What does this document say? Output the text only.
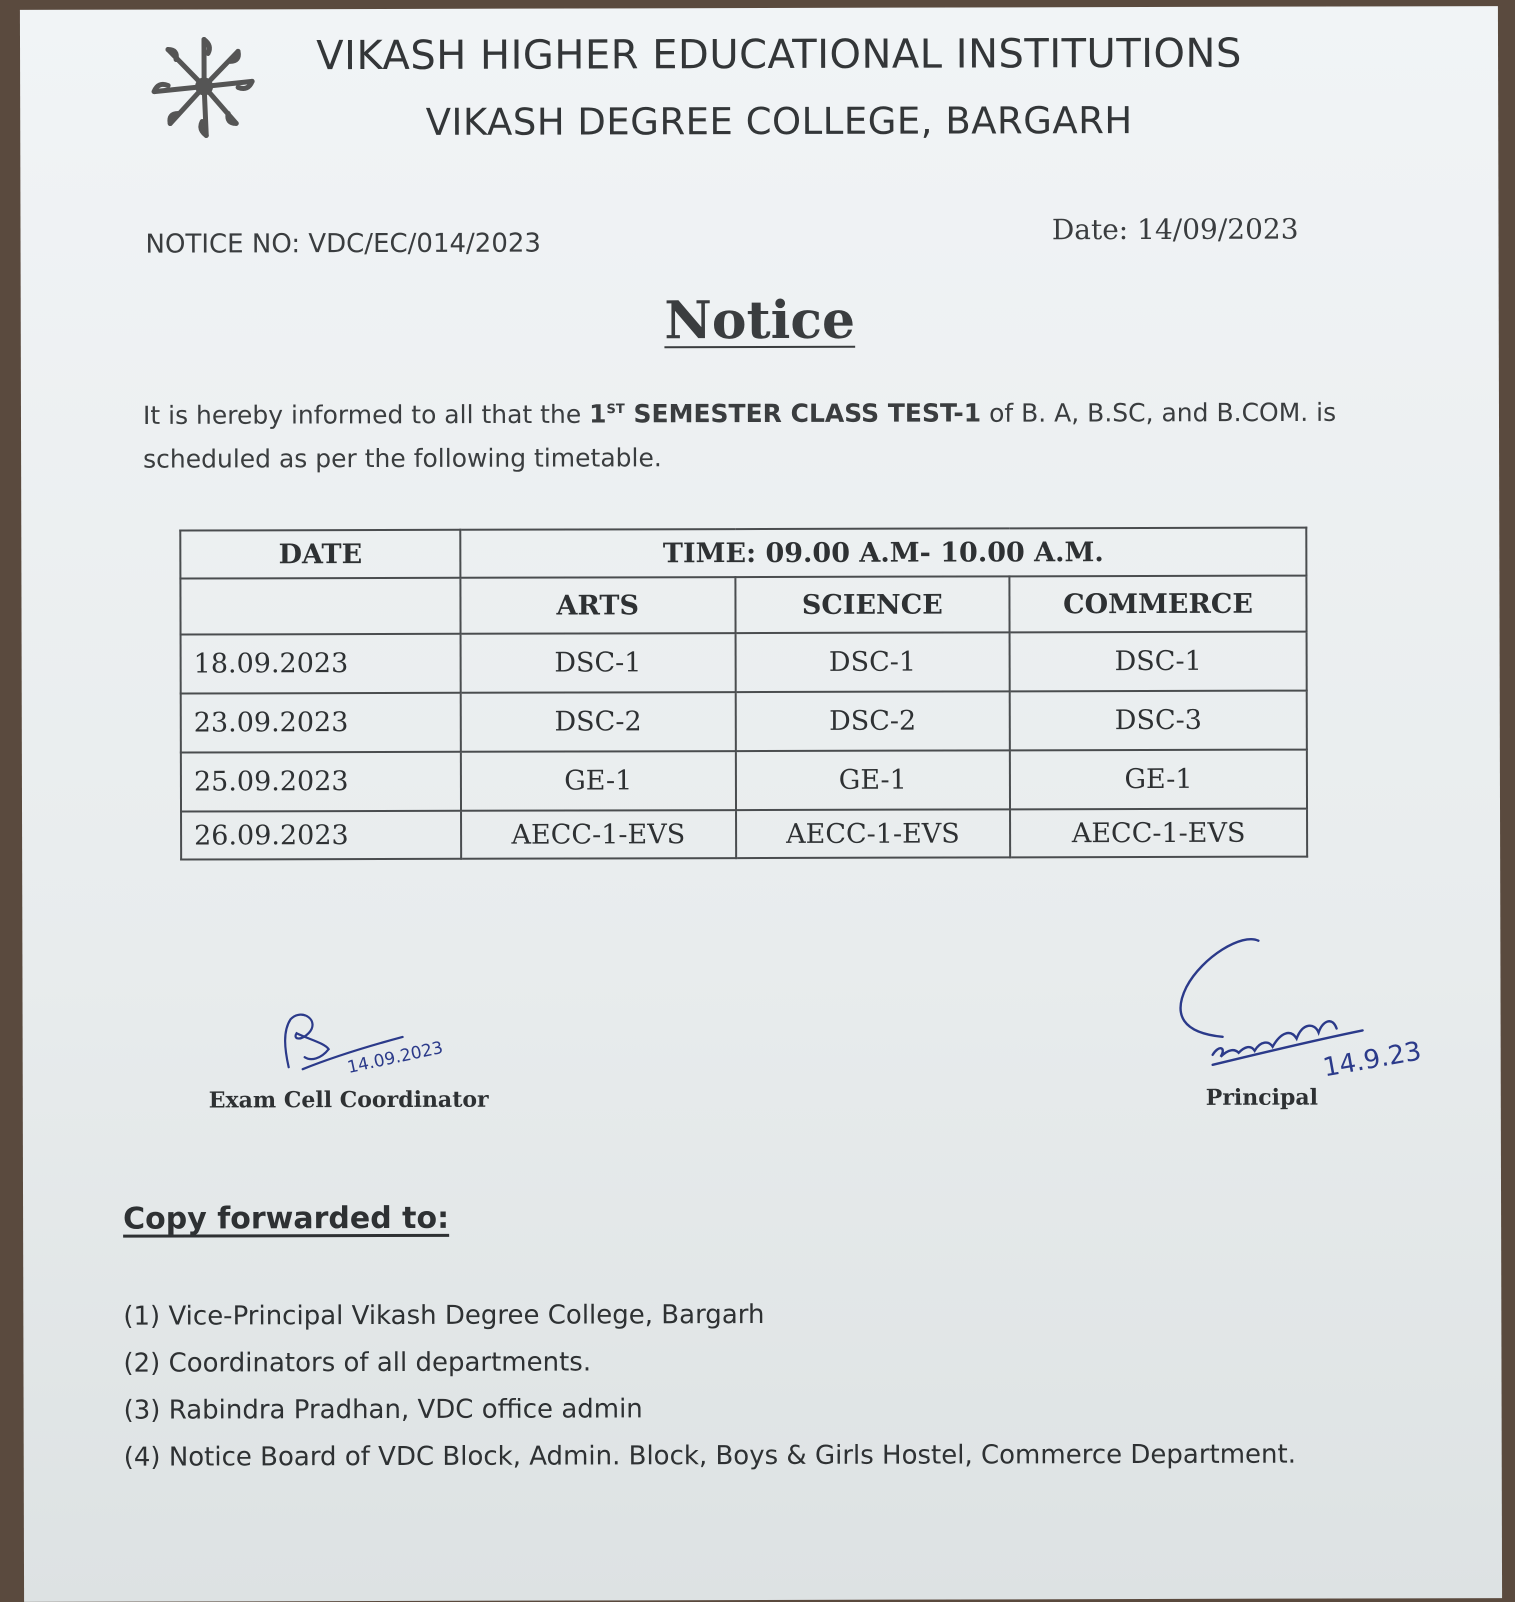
VIKASH HIGHER EDUCATIONAL INSTITUTIONS
VIKASH DEGREE COLLEGE, BARGARH
NOTICE NO: VDC/EC/014/2023	Date: 14/09/2023
Notice
It is hereby informed to all that the 1ST SEMESTER CLASS TEST-1 of B. A, B.SC, and B.COM. is scheduled as per the following timetable.
DATE	TIME: 09.00 A.M- 10.00 A.M.		
	ARTS	SCIENCE	COMMERCE
18.09.2023	DSC-1	DSC-1	DSC-1
23.09.2023	DSC-2	DSC-2	DSC-3
25.09.2023	GE-1	GE-1	GE-1
26.09.2023	AECC-1-EVS	AECC-1-EVS	AECC-1-EVS
14.09.2023	14.9.23
Exam Cell Coordinator	Principal
Copy forwarded to:
(1) Vice-Principal Vikash Degree College, Bargarh
(2) Coordinators of all departments.
(3) Rabindra Pradhan, VDC office admin
(4) Notice Board of VDC Block, Admin. Block, Boys & Girls Hostel, Commerce Department.
